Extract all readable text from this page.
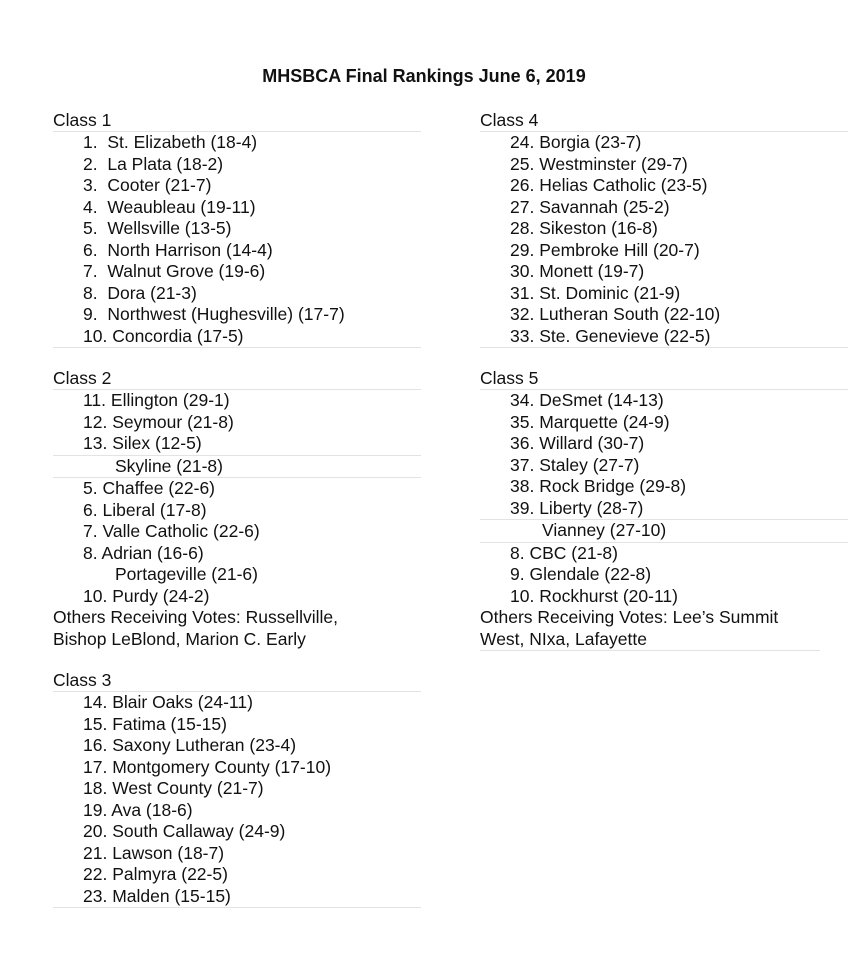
MHSBCA Final Rankings June 6, 2019
Class 1
1. St. Elizabeth (18-4)
2. La Plata (18-2)
3. Cooter (21-7)
4. Weaubleau (19-11)
5. Wellsville (13-5)
6. North Harrison (14-4)
7. Walnut Grove (19-6)
8. Dora (21-3)
9. Northwest (Hughesville) (17-7)
10. Concordia (17-5)
Class 2
11. Ellington (29-1)
12. Seymour (21-8)
13. Silex (12-5)
Skyline (21-8)
5. Chaffee (22-6)
6. Liberal (17-8)
7. Valle Catholic (22-6)
8. Adrian (16-6)
Portageville (21-6)
10. Purdy (24-2)
Others Receiving Votes: Russellville, Bishop LeBlond, Marion C. Early
Class 3
14. Blair Oaks (24-11)
15. Fatima (15-15)
16. Saxony Lutheran (23-4)
17. Montgomery County (17-10)
18. West County (21-7)
19. Ava (18-6)
20. South Callaway (24-9)
21. Lawson (18-7)
22. Palmyra (22-5)
23. Malden (15-15)
Class 4
24. Borgia (23-7)
25. Westminster (29-7)
26. Helias Catholic (23-5)
27. Savannah (25-2)
28. Sikeston (16-8)
29. Pembroke Hill (20-7)
30. Monett (19-7)
31. St. Dominic (21-9)
32. Lutheran South (22-10)
33. Ste. Genevieve (22-5)
Class 5
34. DeSmet (14-13)
35. Marquette (24-9)
36. Willard (30-7)
37. Staley (27-7)
38. Rock Bridge (29-8)
39. Liberty (28-7)
Vianney (27-10)
8. CBC (21-8)
9. Glendale (22-8)
10. Rockhurst (20-11)
Others Receiving Votes: Lee’s Summit West, NIxa, Lafayette
